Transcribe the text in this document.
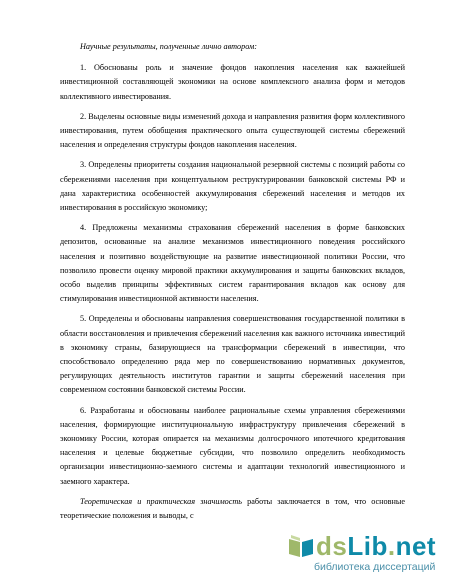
Научные результаты, полученные лично автором:

1. Обоснованы роль и значение фондов накопления населения как важнейшей инвестиционной составляющей экономики на основе комплексного анализа форм и методов коллективного инвестирования.

2. Выделены основные виды изменений дохода и направления развития форм коллективного инвестирования, путем обобщения практического опыта существующей системы сбережений населения и определения структуры фондов накопления населения.

3. Определены приоритеты создания национальной резервной системы с позиций работы со сбережениями населения при концептуальном реструктурировании банковской системы РФ и дана характеристика особенностей аккумулирования сбережений населения и методов их инвестирования в российскую экономику;

4. Предложены механизмы страхования сбережений населения в форме банковских депозитов, основанные на анализе механизмов инвестиционного поведения российского населения и позитивно воздействующие на развитие инвестиционной политики России, что позволило провести оценку мировой практики аккумулирования и защиты банковских вкладов, особо выделив принципы эффективных систем гарантирования вкладов как основу для стимулирования инвестиционной активности населения.

5. Определены и обоснованы направления совершенствования государственной политики в области восстановления и привлечения сбережений населения как важного источника инвестиций в экономику страны, базирующиеся на трансформации сбережений в инвестиции, что способствовало определению ряда мер по совершенствованию нормативных документов, регулирующих деятельность институтов гарантии и защиты сбережений населения при современном состоянии банковской системы России.

6. Разработаны и обоснованы наиболее рациональные схемы управления сбережениями населения, формирующие институциональную инфраструктуру привлечения сбережений в экономику России, которая опирается на механизмы долгосрочного ипотечного кредитования населения и целевые бюджетные субсидии, что позволило определить необходимость организации инвестиционно-заемного системы и адаптации технологий инвестиционного и заемного характера.

Теоретическая и практическая значимость работы заключается в том, что основные теоретические положения и выводы, с

dsLib.net
библиотека диссертаций
